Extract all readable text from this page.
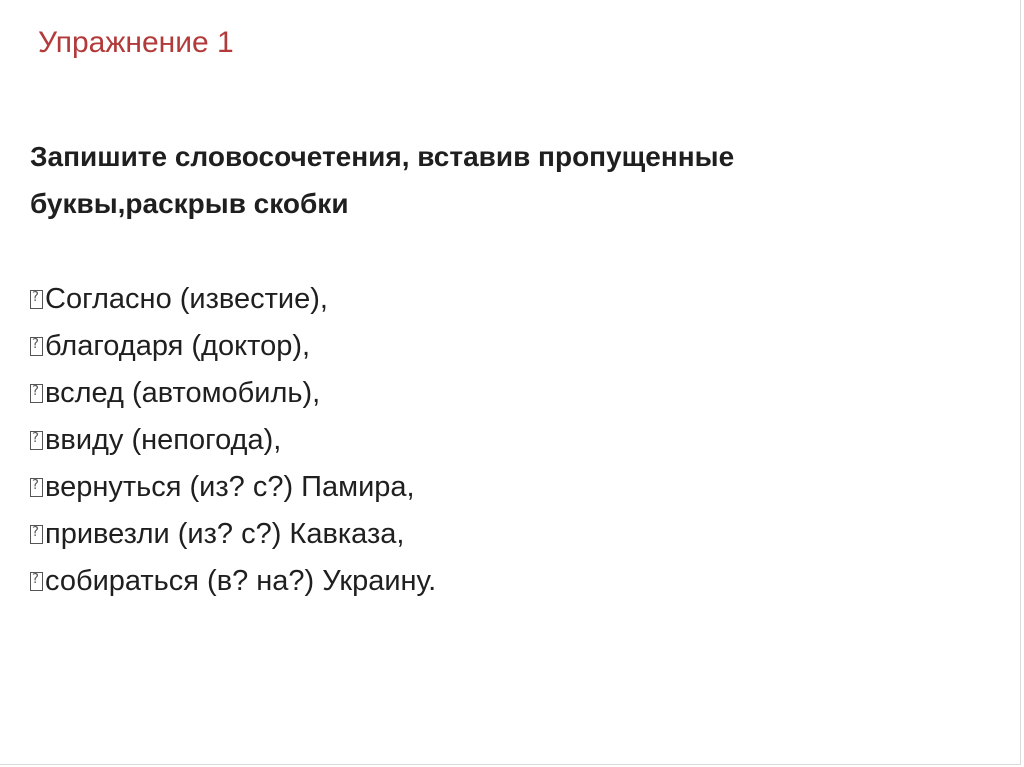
Упражнение 1
Запишите словосочетения, вставив пропущенные
буквы,раскрыв скобки
?Согласно (известие),
?благодаря (доктор),
?вслед (автомобиль),
?ввиду (непогода),
?вернуться (из? с?) Памира,
?привезли (из? с?) Кавказа,
?собираться (в? на?) Украину.
